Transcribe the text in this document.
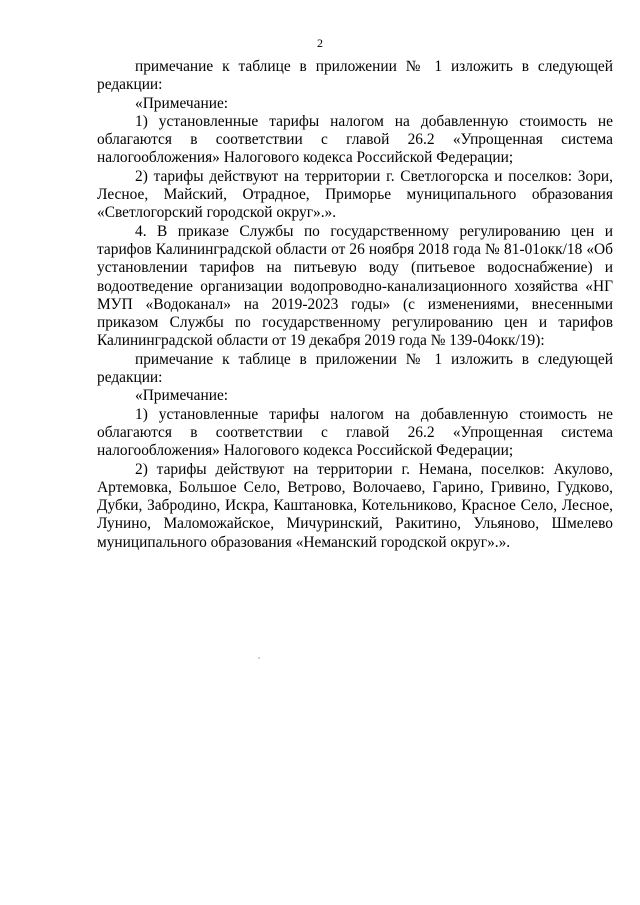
2

примечание к таблице в приложении № 1 изложить в следующей редакции:

«Примечание:

1) установленные тарифы налогом на добавленную стоимость не облагаются в соответствии с главой 26.2 «Упрощенная система налогообложения» Налогового кодекса Российской Федерации;

2) тарифы действуют на территории г. Светлогорска и поселков: Зори, Лесное, Майский, Отрадное, Приморье муниципального образования «Светлогорский городской округ».».

4. В приказе Службы по государственному регулированию цен и тарифов Калининградской области от 26 ноября 2018 года № 81-01окк/18 «Об установлении тарифов на питьевую воду (питьевое водоснабжение) и водоотведение организации водопроводно-канализационного хозяйства «НГ МУП «Водоканал» на 2019-2023 годы» (с изменениями, внесенными приказом Службы по государственному регулированию цен и тарифов Калининградской области от 19 декабря 2019 года № 139-04окк/19):

примечание к таблице в приложении № 1 изложить в следующей редакции:

«Примечание:

1) установленные тарифы налогом на добавленную стоимость не облагаются в соответствии с главой 26.2 «Упрощенная система налогообложения» Налогового кодекса Российской Федерации;

2) тарифы действуют на территории г. Немана, поселков: Акулово, Артемовка, Большое Село, Ветрово, Волочаево, Гарино, Гривино, Гудково, Дубки, Забродино, Искра, Каштановка, Котельниково, Красное Село, Лесное, Лунино, Маломожайское, Мичуринский, Ракитино, Ульяново, Шмелево муниципального образования «Неманский городской округ».».
